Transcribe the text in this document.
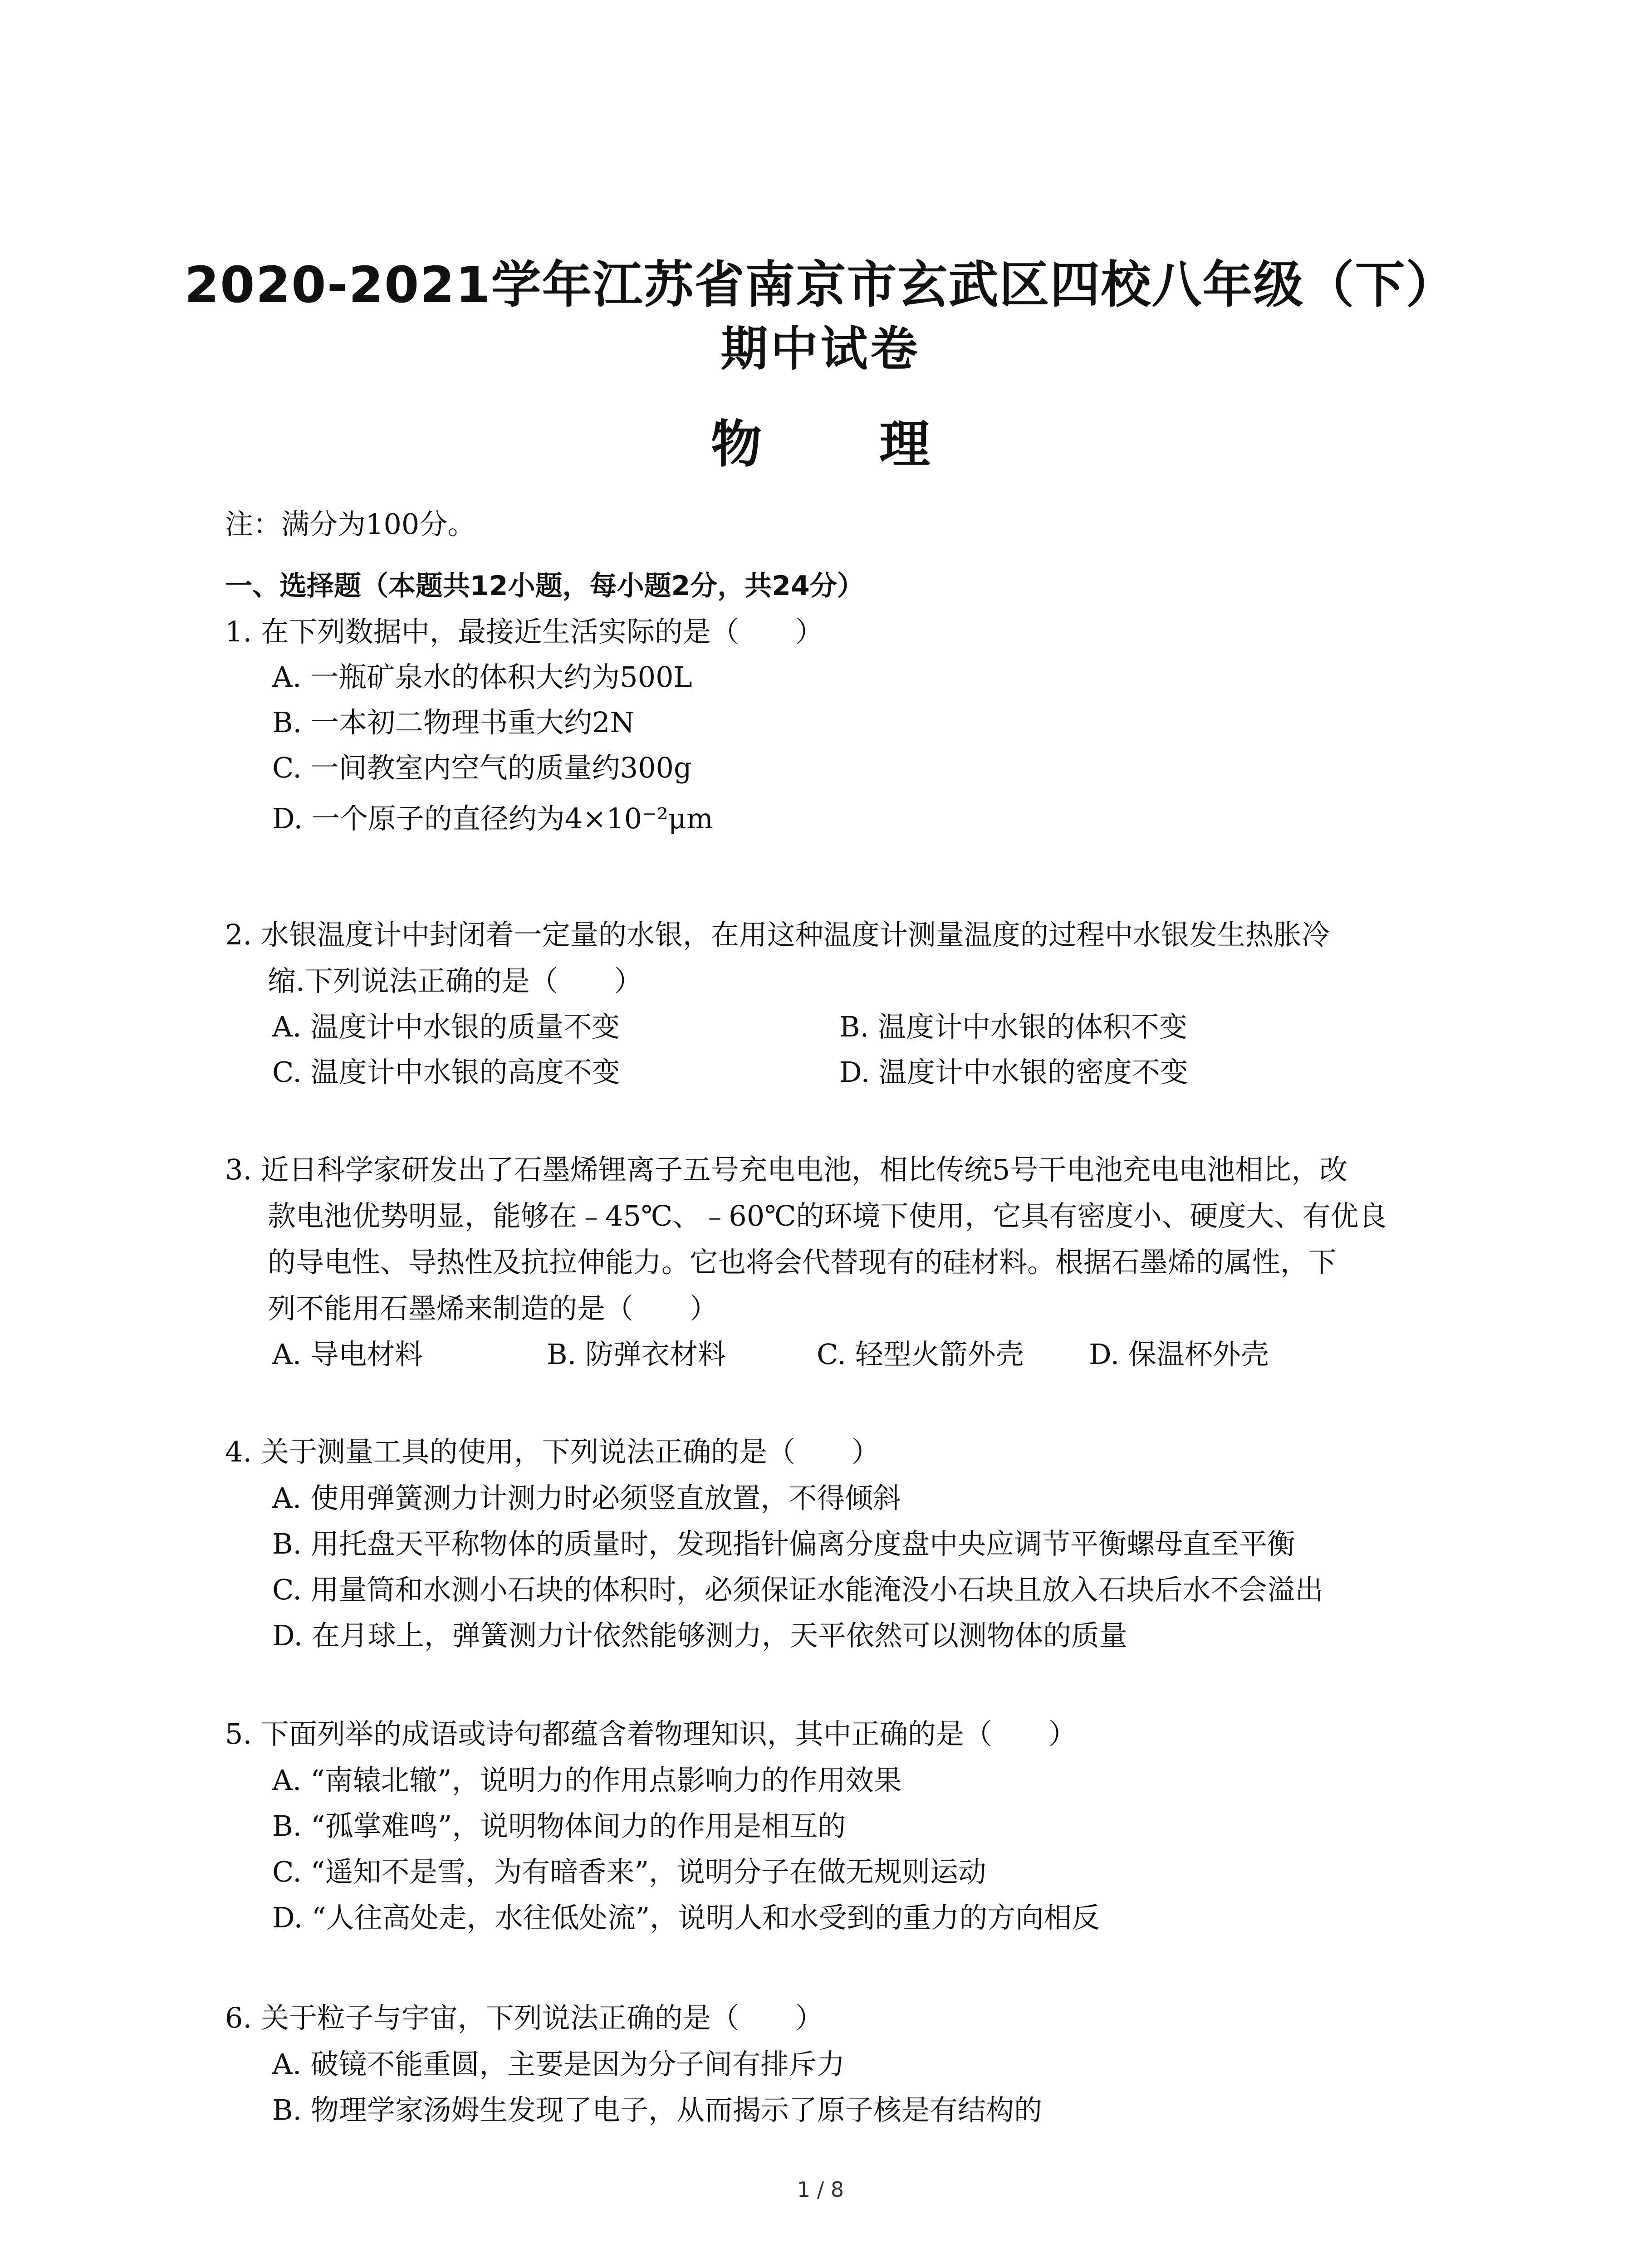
2020-2021学年江苏省南京市玄武区四校八年级（下）
期中试卷
物 理
注：满分为100分。
一、选择题（本题共12小题，每小题2分，共24分）
1. 在下列数据中，最接近生活实际的是（　　）
A. 一瓶矿泉水的体积大约为500L
B. 一本初二物理书重大约2N
C. 一间教室内空气的质量约300g
D. 一个原子的直径约为4×10⁻²μm
2. 水银温度计中封闭着一定量的水银，在用这种温度计测量温度的过程中水银发生热胀冷
缩.下列说法正确的是（　　）
A. 温度计中水银的质量不变	B. 温度计中水银的体积不变
C. 温度计中水银的高度不变	D. 温度计中水银的密度不变
3. 近日科学家研发出了石墨烯锂离子五号充电电池，相比传统5号干电池充电电池相比，改
款电池优势明显，能够在﹣45℃、﹣60℃的环境下使用，它具有密度小、硬度大、有优良
的导电性、导热性及抗拉伸能力。它也将会代替现有的硅材料。根据石墨烯的属性，下
列不能用石墨烯来制造的是（　　）
A. 导电材料	B. 防弹衣材料	C. 轻型火箭外壳 D. 保温杯外壳
4. 关于测量工具的使用，下列说法正确的是（　　）
A. 使用弹簧测力计测力时必须竖直放置，不得倾斜
B. 用托盘天平称物体的质量时，发现指针偏离分度盘中央应调节平衡螺母直至平衡
C. 用量筒和水测小石块的体积时，必须保证水能淹没小石块且放入石块后水不会溢出
D. 在月球上，弹簧测力计依然能够测力，天平依然可以测物体的质量
5. 下面列举的成语或诗句都蕴含着物理知识，其中正确的是（　　）
A. “南辕北辙”，说明力的作用点影响力的作用效果
B. “孤掌难鸣”，说明物体间力的作用是相互的
C. “遥知不是雪，为有暗香来”，说明分子在做无规则运动
D. “人往高处走，水往低处流”，说明人和水受到的重力的方向相反
6. 关于粒子与宇宙，下列说法正确的是（　　）
A. 破镜不能重圆，主要是因为分子间有排斥力
B. 物理学家汤姆生发现了电子，从而揭示了原子核是有结构的
1 / 8
